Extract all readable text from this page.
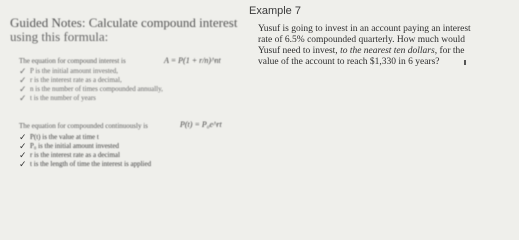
Guided Notes: Calculate compound interest
using this formula:
The equation for compound interest is	A = P(1 + r/n)^nt
✓ P is the initial amount invested,
✓ r is the interest rate as a decimal,
✓ n is the number of times compounded annually,
✓ t is the number of years
The equation for compounded continuously is	P(t) = P₀e^rt
✓ P(t) is the value at time t
✓ P₀ is the initial amount invested
✓ r is the interest rate as a decimal
✓ t is the length of time the interest is applied
Example 7
Yusuf is going to invest in an account paying an interest
rate of 6.5% compounded quarterly. How much would
Yusuf need to invest, to the nearest ten dollars, for the
value of the account to reach $1,330 in 6 years?
